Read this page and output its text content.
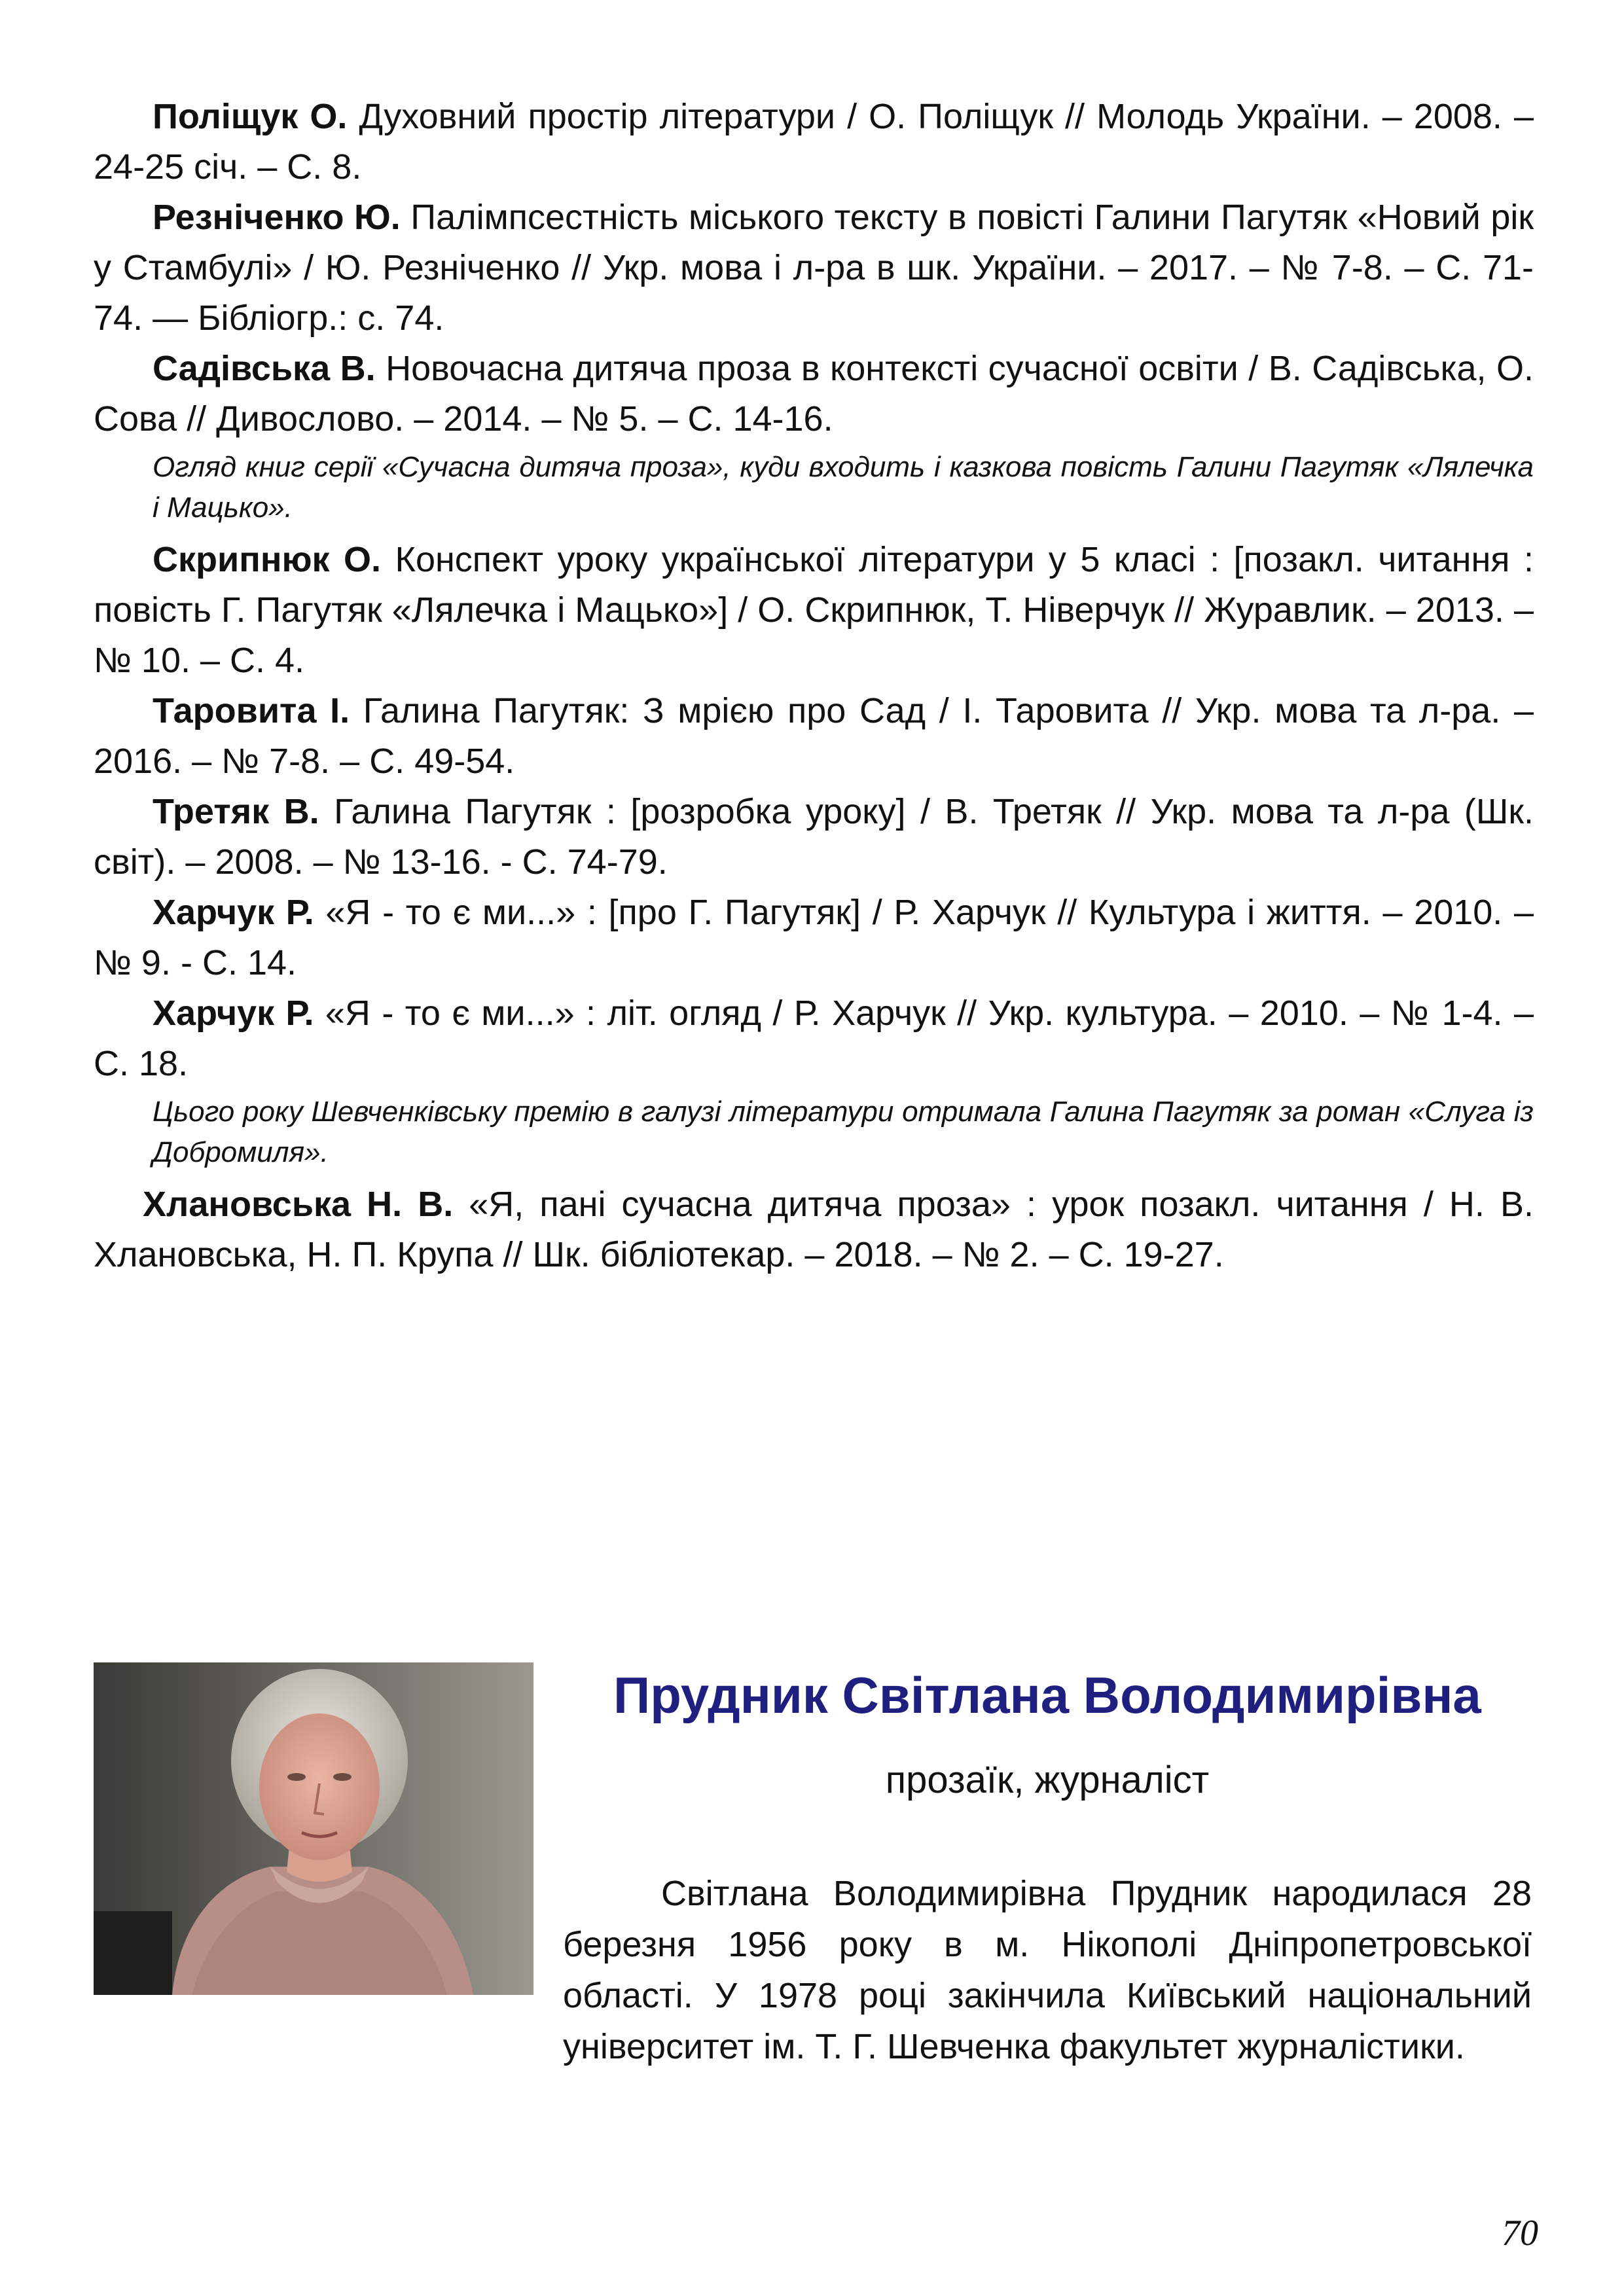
Поліщук О. Духовний простір літератури / О. Поліщук // Молодь України. – 2008. – 24-25 січ. – С. 8.

Резніченко Ю. Палімпсестність міського тексту в повісті Галини Пагутяк «Новий рік у Стамбулі» / Ю. Резніченко // Укр. мова і л-ра в шк. України. – 2017. – № 7-8. – С. 71-74. — Бібліогр.: с. 74.

Садівська В. Новочасна дитяча проза в контексті сучасної освіти / В. Садівська, О. Сова // Дивослово. – 2014. – № 5. – С. 14-16.

Огляд книг серії «Сучасна дитяча проза», куди входить і казкова повість Галини Пагутяк «Лялечка і Мацько».

Скрипнюк О. Конспект уроку української літератури у 5 класі : [позакл. читання : повість Г. Пагутяк «Лялечка і Мацько»] / О. Скрипнюк, Т. Ніверчук // Журавлик. – 2013. – № 10. – С. 4.

Таровита І. Галина Пагутяк: З мрією про Сад / І. Таровита // Укр. мова та л-ра. – 2016. – № 7-8. – С. 49-54.

Третяк В. Галина Пагутяк : [розробка уроку] / В. Третяк // Укр. мова та л-ра (Шк. світ). – 2008. – № 13-16. - С. 74-79.

Харчук Р. «Я - то є ми...» : [про Г. Пагутяк] / Р. Харчук // Культура і життя. – 2010. – № 9. - С. 14.

Харчук Р. «Я - то є ми...» : літ. огляд / Р. Харчук // Укр. культура. – 2010. – № 1-4. – С. 18.

Цього року Шевченківську премію в галузі літератури отримала Галина Пагутяк за роман «Слуга із Добромиля».

Хлановська Н. В. «Я, пані сучасна дитяча проза» : урок позакл. читання / Н. В. Хлановська, Н. П. Крупа // Шк. бібліотекар. – 2018. – № 2. – С. 19-27.

Прудник Світлана Володимирівна
прозаїк, журналіст

Світлана Володимирівна Прудник народилася 28 березня 1956 року в м. Нікополі Дніпропетровської області. У 1978 році закінчила Київський національний університет ім. Т. Г. Шевченка факультет журналістики.

70
